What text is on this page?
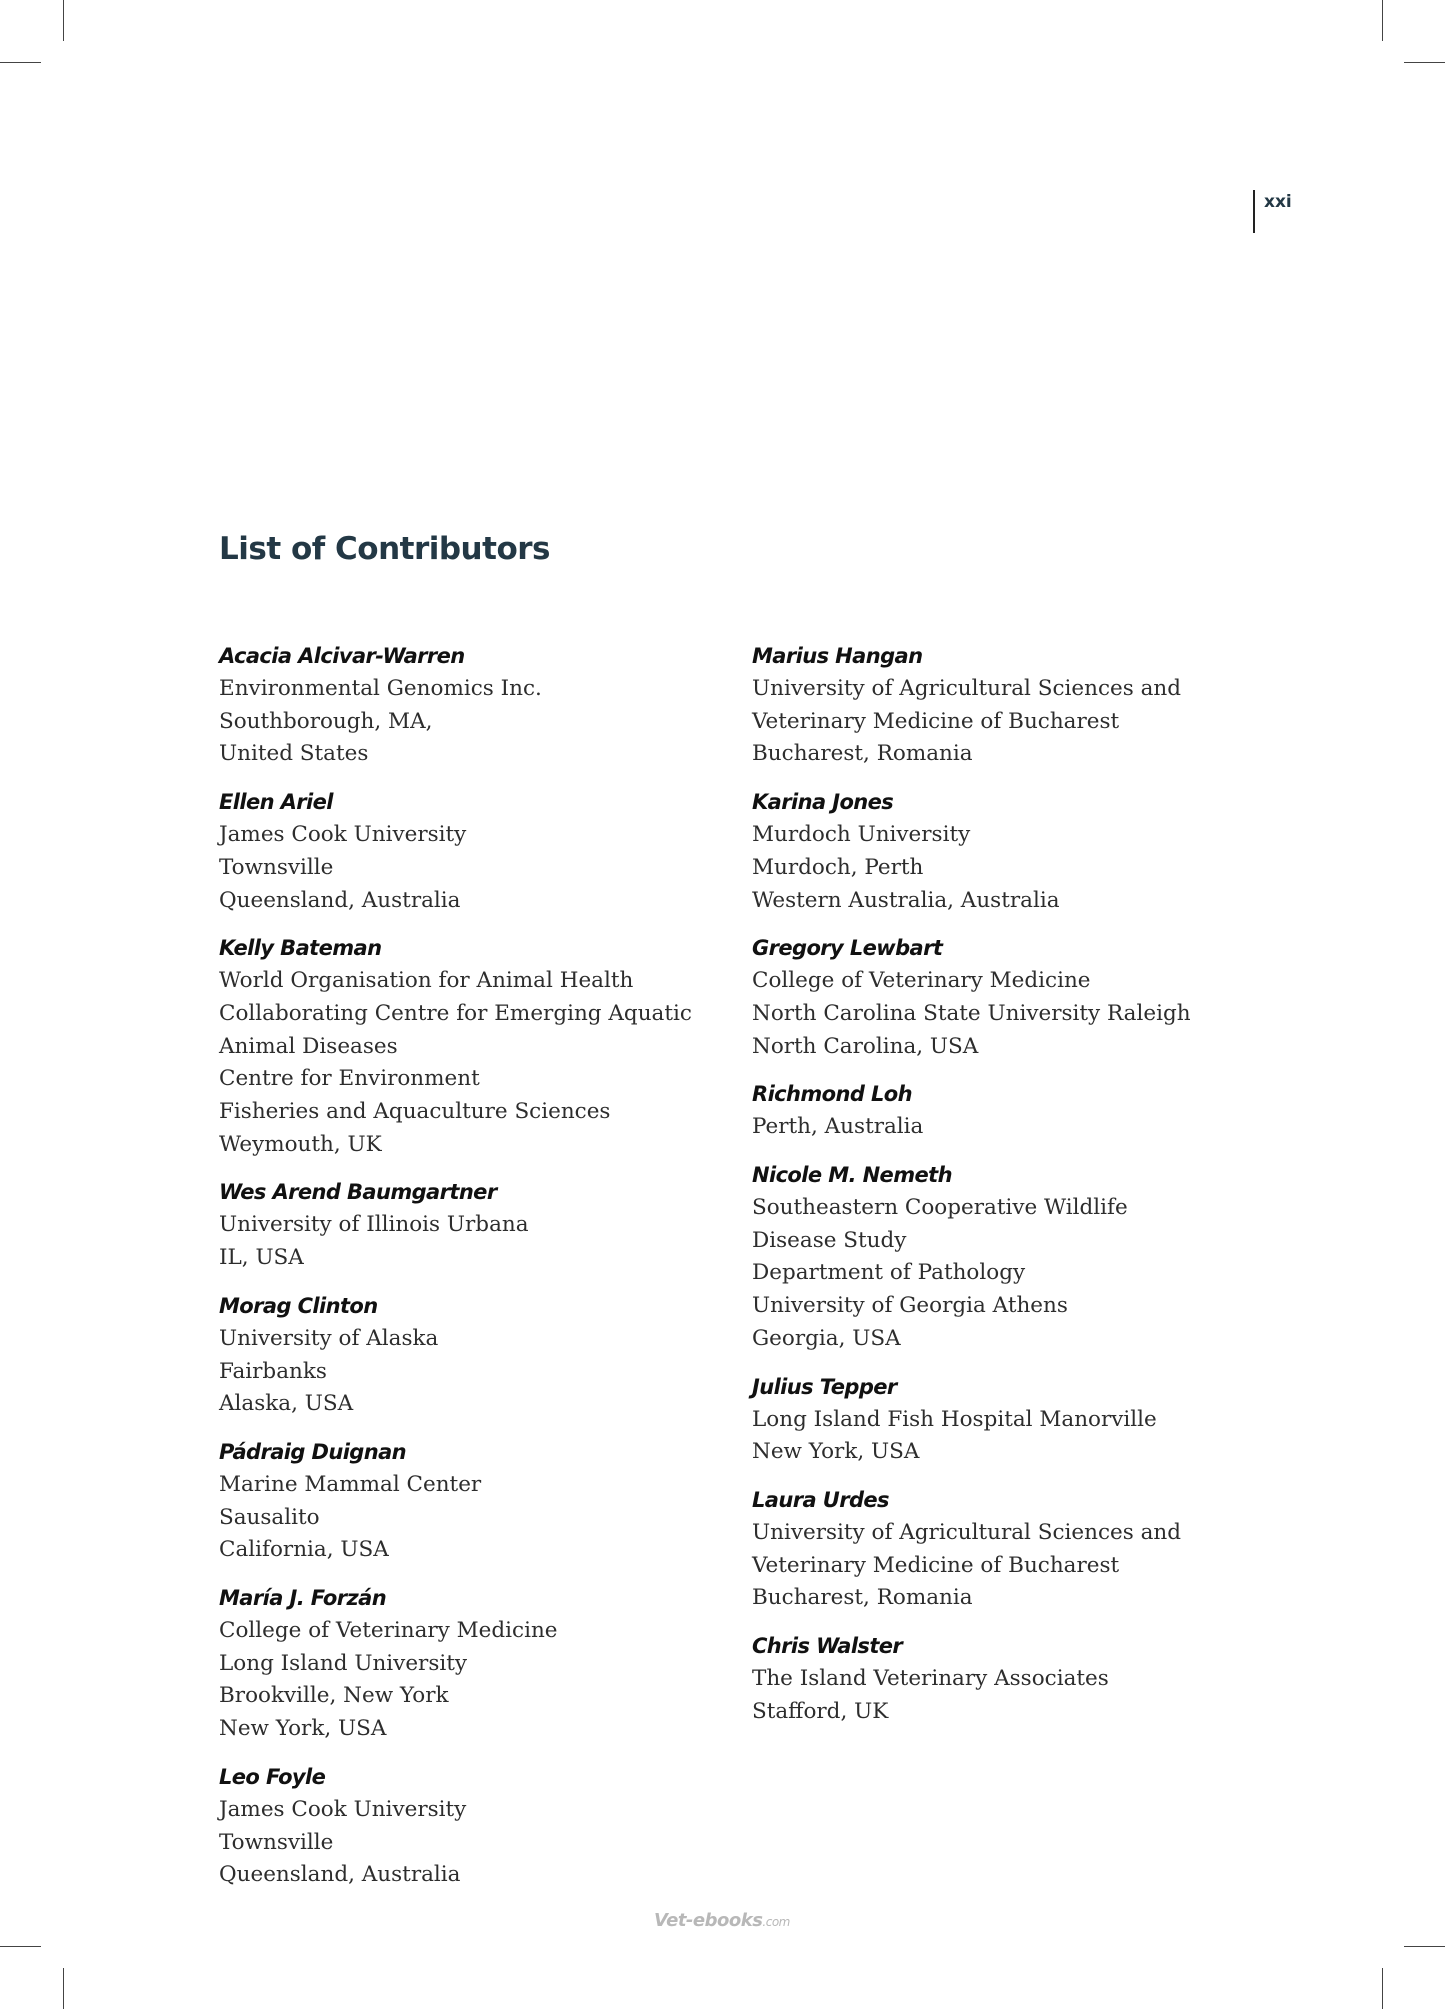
xxi
List of Contributors
Acacia Alcivar-Warren
Environmental Genomics Inc.
Southborough, MA,
United States
Ellen Ariel
James Cook University
Townsville
Queensland, Australia
Kelly Bateman
World Organisation for Animal Health
Collaborating Centre for Emerging Aquatic
Animal Diseases
Centre for Environment
Fisheries and Aquaculture Sciences
Weymouth, UK
Wes Arend Baumgartner
University of Illinois Urbana
IL, USA
Morag Clinton
University of Alaska
Fairbanks
Alaska, USA
Pádraig Duignan
Marine Mammal Center
Sausalito
California, USA
María J. Forzán
College of Veterinary Medicine
Long Island University
Brookville, New York
New York, USA
Leo Foyle
James Cook University
Townsville
Queensland, Australia
Marius Hangan
University of Agricultural Sciences and
Veterinary Medicine of Bucharest
Bucharest, Romania
Karina Jones
Murdoch University
Murdoch, Perth
Western Australia, Australia
Gregory Lewbart
College of Veterinary Medicine
North Carolina State University Raleigh
North Carolina, USA
Richmond Loh
Perth, Australia
Nicole M. Nemeth
Southeastern Cooperative Wildlife
Disease Study
Department of Pathology
University of Georgia Athens
Georgia, USA
Julius Tepper
Long Island Fish Hospital Manorville
New York, USA
Laura Urdes
University of Agricultural Sciences and
Veterinary Medicine of Bucharest
Bucharest, Romania
Chris Walster
The Island Veterinary Associates
Stafford, UK
Vet-ebooks.com
